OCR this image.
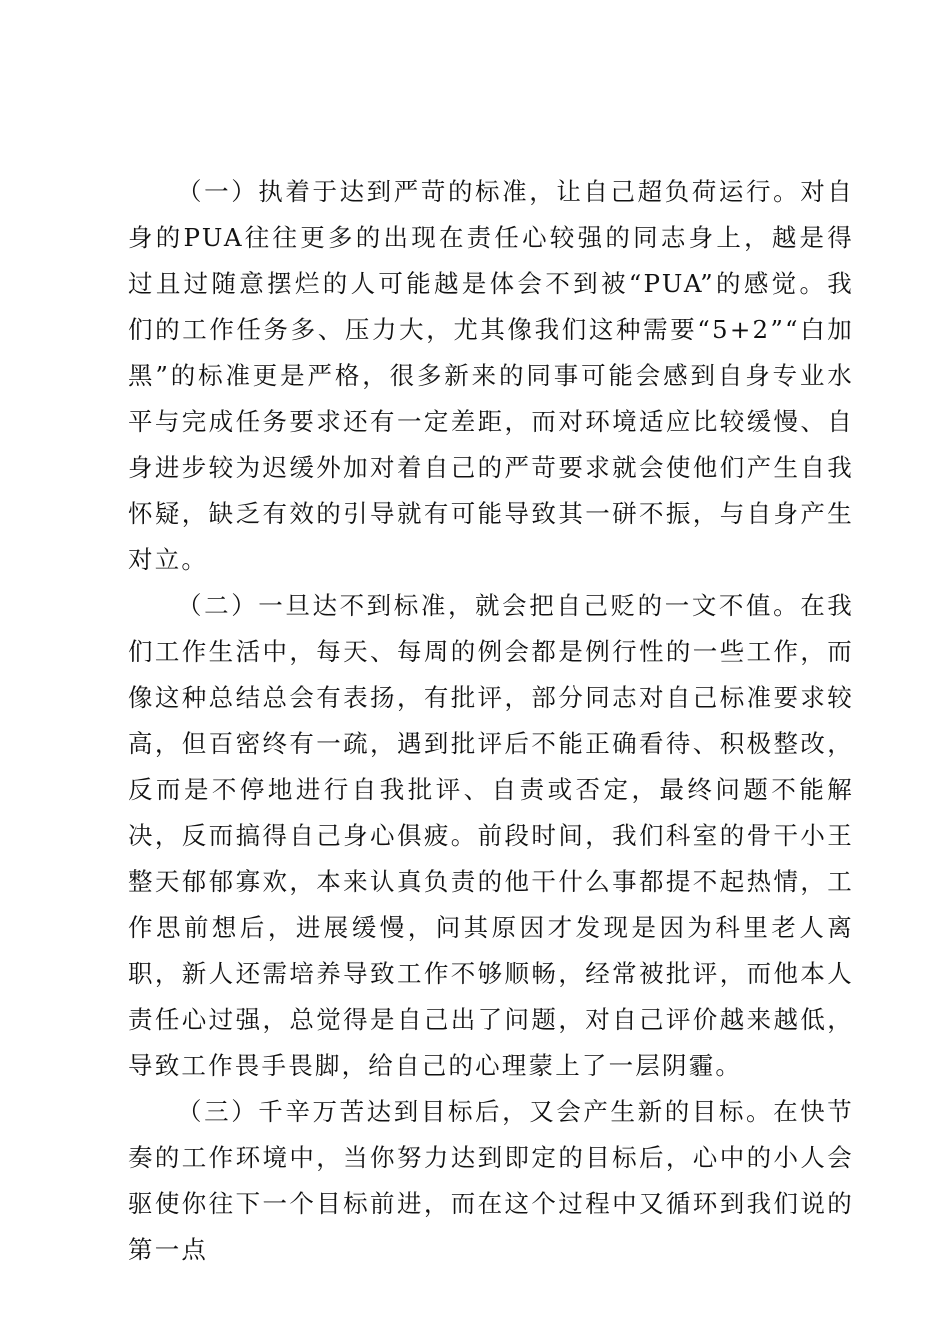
（一）执着于达到严苛的标准，让自己超负荷运行。对自身的PUA往往更多的出现在责任心较强的同志身上，越是得过且过随意摆烂的人可能越是体会不到被“PUA”的感觉。我们的工作任务多、压力大，尤其像我们这种需要“5+2”“白加黑”的标准更是严格，很多新来的同事可能会感到自身专业水平与完成任务要求还有一定差距，而对环境适应比较缓慢、自身进步较为迟缓外加对着自己的严苛要求就会使他们产生自我怀疑，缺乏有效的引导就有可能导致其一硑不振，与自身产生对立。

（二）一旦达不到标准，就会把自己贬的一文不值。在我们工作生活中，每天、每周的例会都是例行性的一些工作，而像这种总结总会有表扬，有批评，部分同志对自己标准要求较高，但百密终有一疏，遇到批评后不能正确看待、积极整改，反而是不停地进行自我批评、自责或否定，最终问题不能解决，反而搞得自己身心俱疲。前段时间，我们科室的骨干小王整天郁郁寡欢，本来认真负责的他干什么事都提不起热情，工作思前想后，进展缓慢，问其原因才发现是因为科里老人离职，新人还需培养导致工作不够顺畅，经常被批评，而他本人责任心过强，总觉得是自己出了问题，对自己评价越来越低，导致工作畏手畏脚，给自己的心理蒙上了一层阴霾。

（三）千辛万苦达到目标后，又会产生新的目标。在快节奏的工作环境中，当你努力达到即定的目标后，心中的小人会驱使你往下一个目标前进，而在这个过程中又循环到我们说的第一点
